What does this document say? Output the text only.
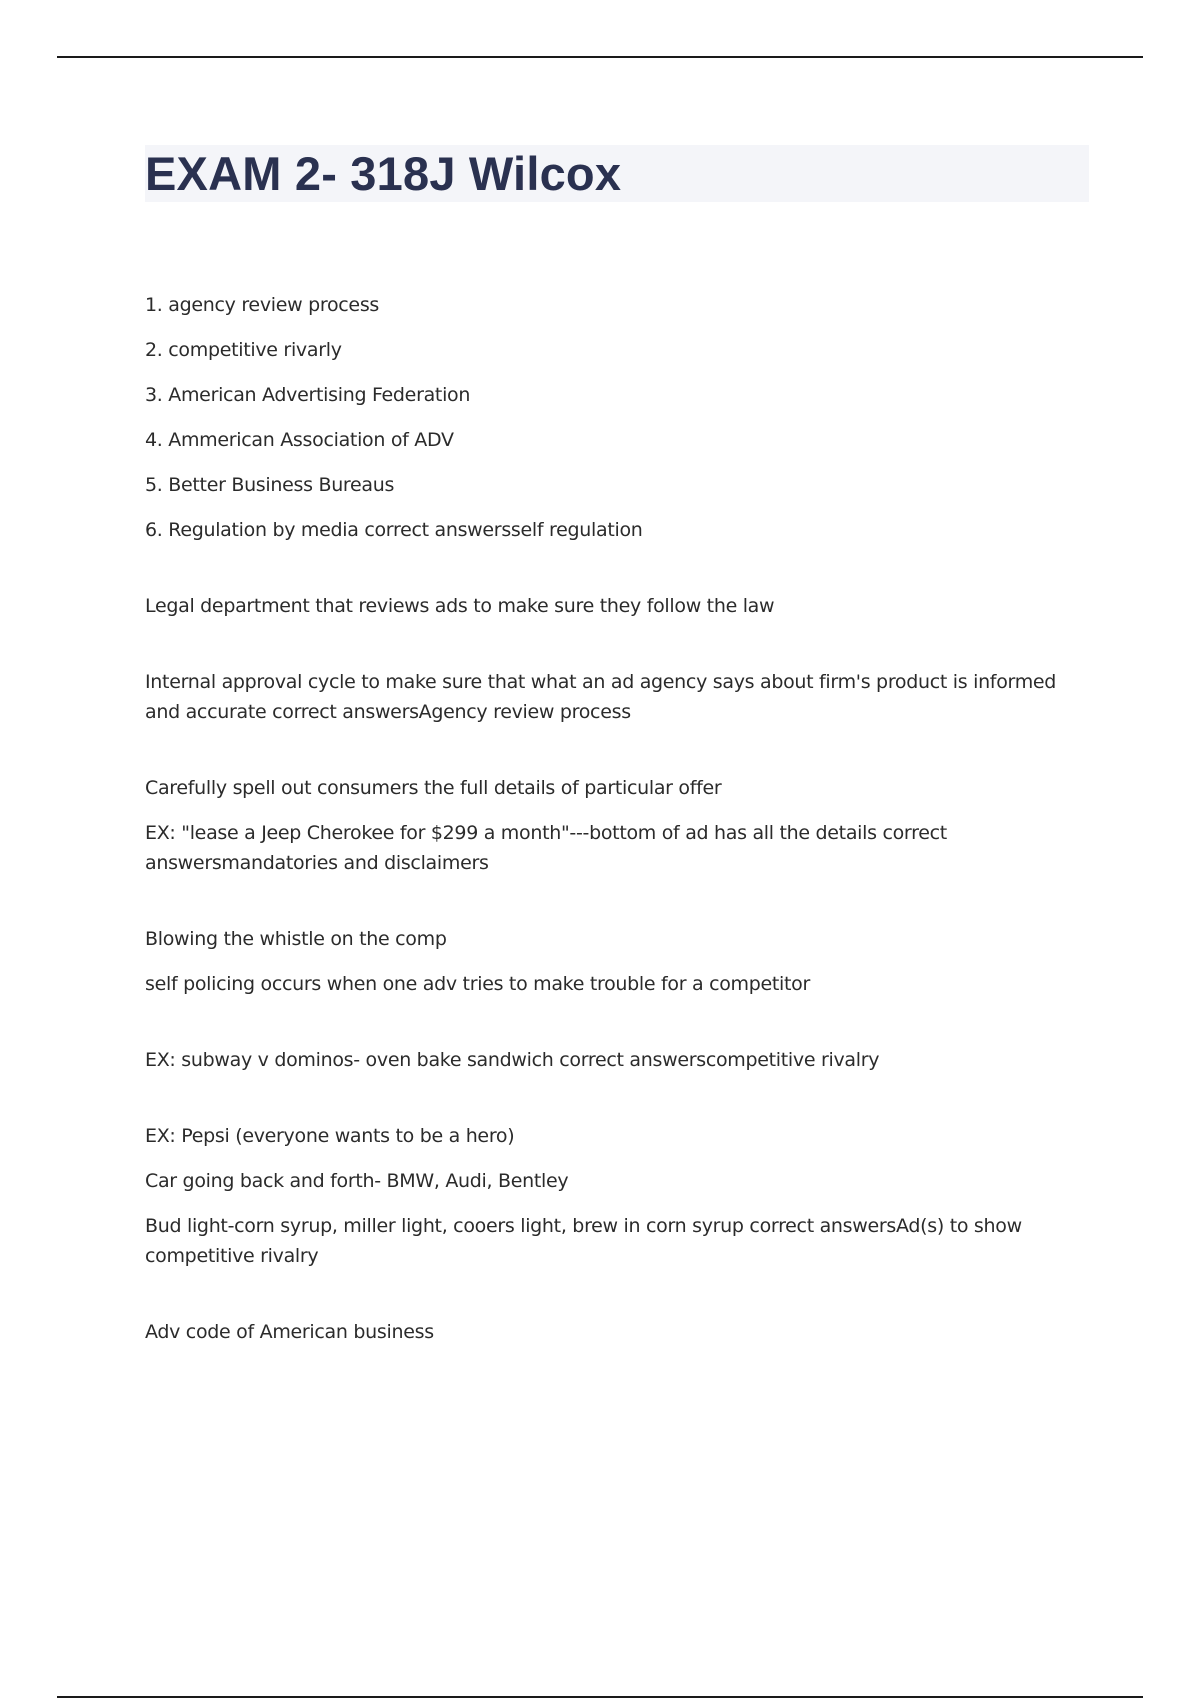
EXAM 2- 318J Wilcox

1. agency review process

2. competitive rivarly

3. American Advertising Federation

4. Ammerican Association of ADV

5. Better Business Bureaus

6. Regulation by media correct answersself regulation

Legal department that reviews ads to make sure they follow the law

Internal approval cycle to make sure that what an ad agency says about firm's product is informed and accurate correct answersAgency review process

Carefully spell out consumers the full details of particular offer

EX: "lease a Jeep Cherokee for $299 a month"---bottom of ad has all the details correct answersmandatories and disclaimers

Blowing the whistle on the comp

self policing occurs when one adv tries to make trouble for a competitor

EX: subway v dominos- oven bake sandwich correct answerscompetitive rivalry

EX: Pepsi (everyone wants to be a hero)

Car going back and forth- BMW, Audi, Bentley

Bud light-corn syrup, miller light, cooers light, brew in corn syrup correct answersAd(s) to show competitive rivalry

Adv code of American business
